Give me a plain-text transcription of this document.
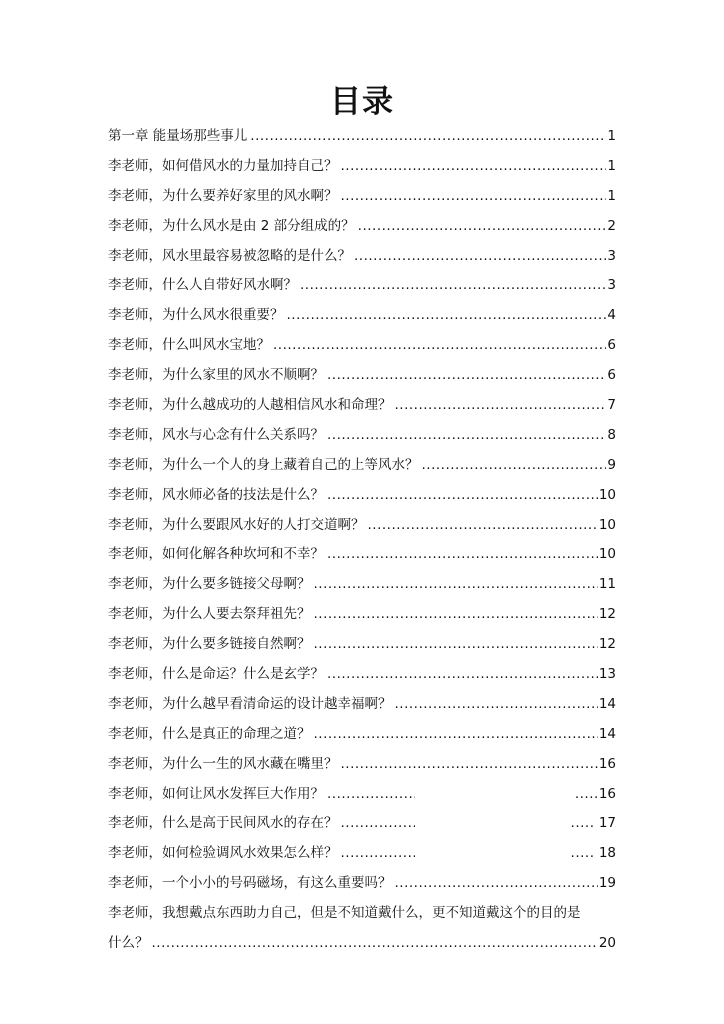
目录
第一章 能量场那些事儿 .....	1
李老师，如何借风水的力量加持自己？ .....	1
李老师，为什么要养好家里的风水啊？ .....	1
李老师，为什么风水是由 2 部分组成的？ .....	2
李老师，风水里最容易被忽略的是什么？ .....	3
李老师，什么人自带好风水啊？ .....	3
李老师，为什么风水很重要？ .....	4
李老师，什么叫风水宝地？ .....	6
李老师，为什么家里的风水不顺啊？ .....	6
李老师，为什么越成功的人越相信风水和命理？ .....	7
李老师，风水与心念有什么关系吗？ .....	8
李老师，为什么一个人的身上藏着自己的上等风水？ .....	9
李老师，风水师必备的技法是什么？ .....	10
李老师，为什么要跟风水好的人打交道啊？ .....	10
李老师，如何化解各种坎坷和不幸？ .....	10
李老师，为什么要多链接父母啊？ .....	11
李老师，为什么人要去祭拜祖先？ .....	12
李老师，为什么要多链接自然啊？ .....	12
李老师，什么是命运？什么是玄学？ .....	13
李老师，为什么越早看清命运的设计越幸福啊？ .....	14
李老师，什么是真正的命理之道？ .....	14
李老师，为什么一生的风水藏在嘴里？ .....	16
李老师，如何让风水发挥巨大作用？ .....	.....16
李老师，什么是高于民间风水的存在？ .....	..... 17
李老师，如何检验调风水效果怎么样？ .....	..... 18
李老师，一个小小的号码磁场，有这么重要吗？ .....	19
李老师，我想戴点东西助力自己，但是不知道戴什么，更不知道戴这个的目的是
什么？ .....	20
